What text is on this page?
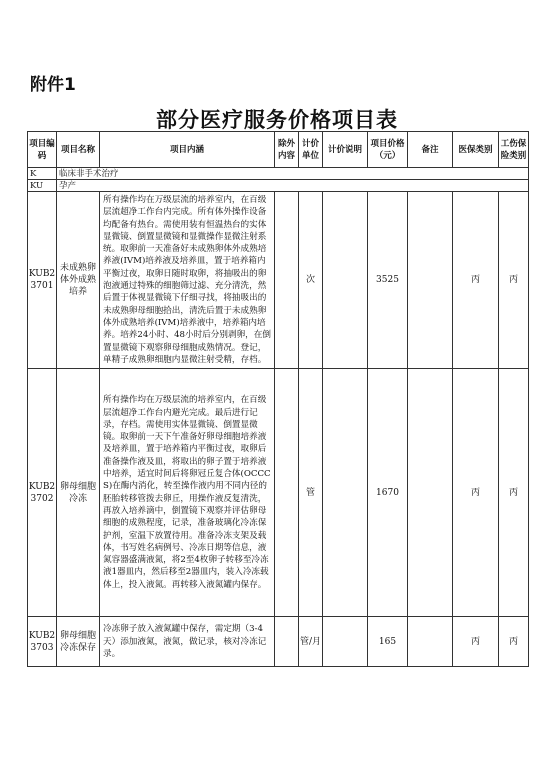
附件1
部分医疗服务价格项目表
项目编码	项目名称	项目内涵	除外内容	计价单位	计价说明	项目价格（元）	备注	医保类别	工伤保险类别
K	临床非手术治疗								
KU	孕产								
KUB23701	未成熟卵体外成熟培养	所有操作均在万级层流的培养室内，在百级层流超净工作台内完成。所有体外操作设备均配备有热台。需使用装有恒温热台的实体显微镜、倒置显微镜和显微操作显微注射系统。取卵前一天准备好未成熟卵体外成熟培养液(IVM)培养液及培养皿，置于培养箱内平衡过夜，取卵日随时取卵，将抽吸出的卵泡液通过特殊的细胞筛过滤、充分清洗，然后置于体视显微镜下仔细寻找，将抽吸出的未成熟卵母细胞拾出，清洗后置于未成熟卵体外成熟培养(IVM)培养液中，培养箱内培养。培养24小时、48小时后分别剥卵，在倒置显微镜下观察卵母细胞成熟情况。登记，单精子成熟卵细胞内显微注射受精，存档。		次		3525		丙	丙
KUB23702	卵母细胞冷冻	所有操作均在万级层流的培养室内，在百级层流超净工作台内避光完成。最后进行记录，存档。需使用实体显微镜、倒置显微镜。取卵前一天下午准备好卵母细胞培养液及培养皿，置于培养箱内平衡过夜，取卵后准备操作液及皿，将取出的卵子置于培养液中培养，适宜时间后将卵冠丘复合体(OCCCS)在酶内消化，转至操作液内用不同内径的胚胎转移管拨去卵丘，用操作液反复清洗，再放入培养滴中，倒置镜下观察并评估卵母细胞的成熟程度，记录，准备玻璃化冷冻保护剂，室温下放置待用。准备冷冻支架及载体，书写姓名病例号、冷冻日期等信息，液氮容器盛满液氮，将2至4枚卵子转移至冷冻液1器皿内，然后移至2器皿内，装入冷冻载体上，投入液氮。再转移入液氮罐内保存。		管		1670		丙	丙
KUB23703	卵母细胞冷冻保存	冷冻卵子放入液氮罐中保存，需定期（3-4天）添加液氮，液氮，做记录，核对冷冻记录。		管/月		165		丙	丙
